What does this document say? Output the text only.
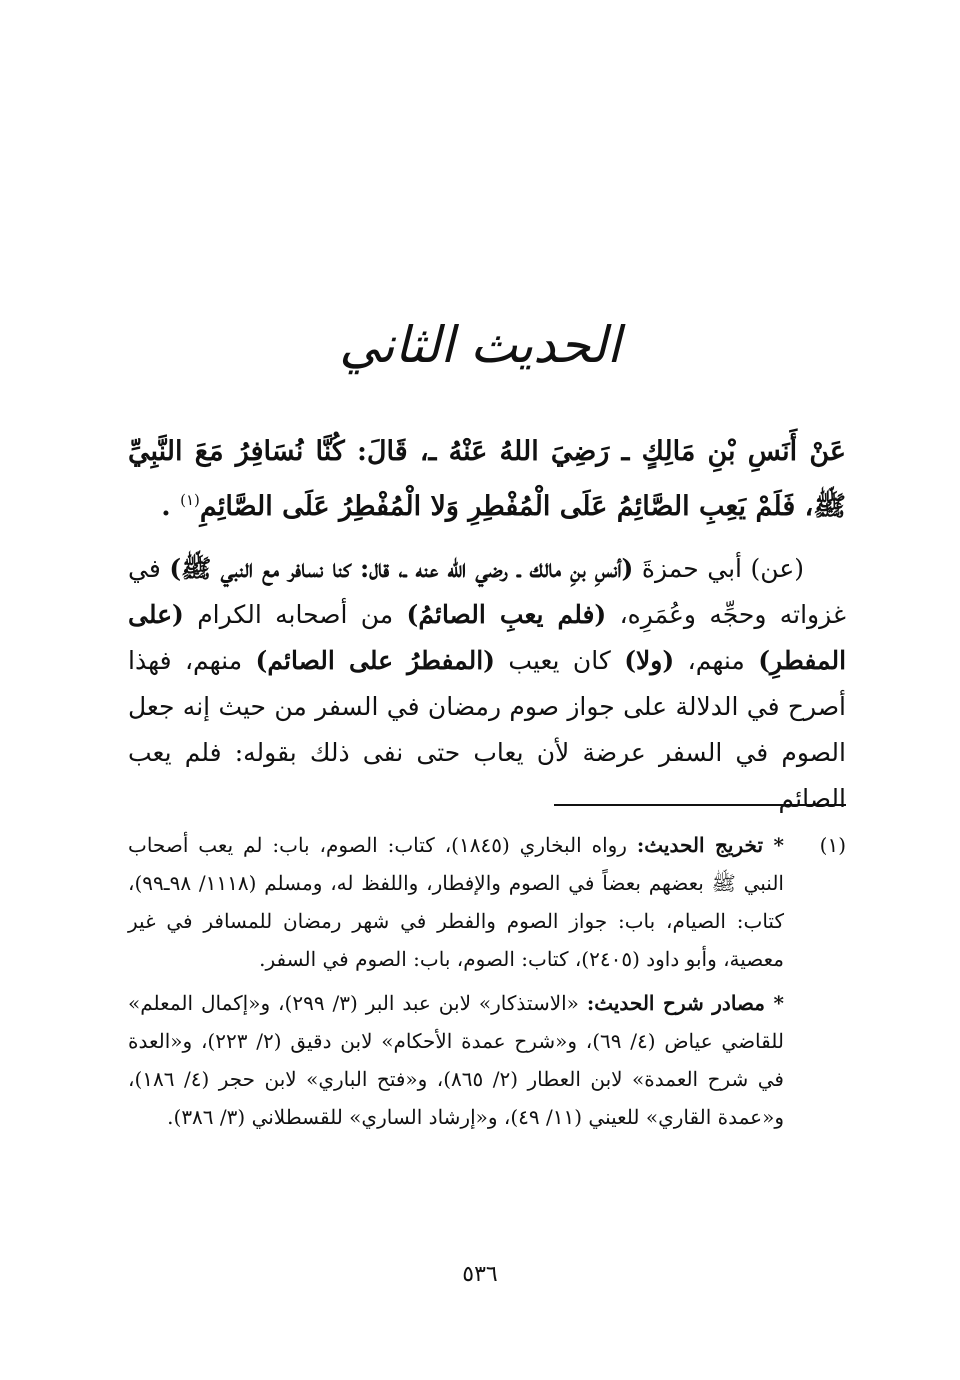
الحديث الثاني
عَنْ أَنَسِ بْنِ مَالِكٍ ـ رَضِيَ اللهُ عَنْهُ ـ، قَالَ: كُنَّا نُسَافِرُ مَعَ النَّبِيِّ ﷺ، فَلَمْ يَعِبِ الصَّائِمُ عَلَى الْمُفْطِرِ وَلا الْمُفْطِرُ عَلَى الصَّائِمِ$^{(١)}$ .

(عن) أبي حمزةَ (أنسِ بنِ مالك ـ رضي الله عنه ـ، قال: كنا نسافر مع النبي ﷺ) في غزواته وحجِّه وعُمَرِه، (فلم يعبِ الصائمُ) من أصحابه الكرام (على المفطرِ) منهم، (ولا) كان يعيب (المفطرُ على الصائم) منهم، فهذا أصرح في الدلالة على جواز صوم رمضان في السفر من حيث إنه جعل الصوم في السفر عرضة لأن يعاب حتى نفى ذلك بقوله: فلم يعب الصائم

(١)

* تخريج الحديث: رواه البخاري (١٨٤٥)، كتاب: الصوم، باب: لم يعب أصحاب النبي ﷺ بعضهم بعضاً في الصوم والإفطار، واللفظ له، ومسلم (١١١٨/ ٩٨ـ٩٩)، كتاب: الصيام، باب: جواز الصوم والفطر في شهر رمضان للمسافر في غير معصية، وأبو داود (٢٤٠٥)، كتاب: الصوم، باب: الصوم في السفر.

* مصادر شرح الحديث: «الاستذكار» لابن عبد البر (٣/ ٢٩٩)، و«إكمال المعلم» للقاضي عياض (٤/ ٦٩)، و«شرح عمدة الأحكام» لابن دقيق (٢/ ٢٢٣)، و«العدة في شرح العمدة» لابن العطار (٢/ ٨٦٥)، و«فتح الباري» لابن حجر (٤/ ١٨٦)، و«عمدة القاري» للعيني (١١/ ٤٩)، و«إرشاد الساري» للقسطلاني (٣/ ٣٨٦).

٥٣٦
